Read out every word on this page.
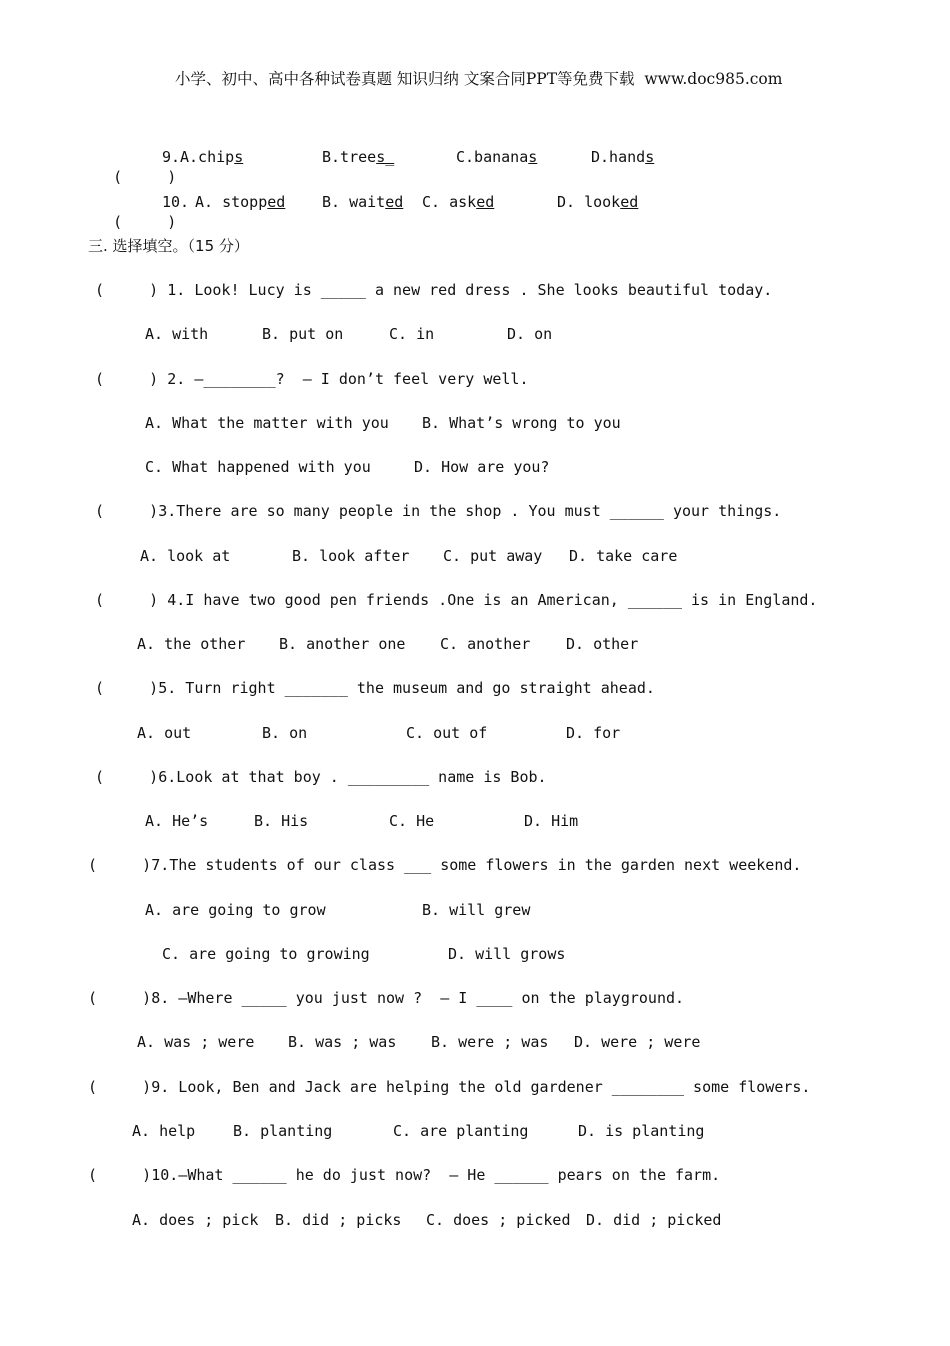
小学、初中、高中各种试卷真题 知识归纳 文案合同PPT等免费下载  www.doc985.com

(     )

9. A.chips	B.trees_	C.bananas	D.hands

(     )

10. A. stopped B. waited C. asked	D. looked
三. 选择填空。（15 分）
(     ) 1. Look! Lucy is _____ a new red dress . She looks beautiful today.
A. with	B. put on	C. in	D. on
(     ) 2. —________?  — I don’t feel very well.
A. What the matter with you B. What’s wrong to you
C. What happened with you	D. How are you?
(     )3.There are so many people in the shop . You must ______ your things.
A. look at	B. look after C. put away D. take care
(     ) 4.I have two good pen friends .One is an American, ______ is in England.
A. the other B. another one C. another D. other
(     )5. Turn right _______ the museum and go straight ahead.
A. out	B. on	C. out of	D. for
(     )6.Look at that boy . _________ name is Bob.
A. He’s	B. His	C. He	D. Him
(     )7.The students of our class ___ some flowers in the garden next weekend.
A. are going to grow	B. will grew
C. are going to growing	D. will grows
(     )8. —Where _____ you just now ?  — I ____ on the playground.
A. was ; were B. was ; was B. were ; was D. were ; were
(     )9. Look, Ben and Jack are helping the old gardener ________ some flowers.
A. help	B. planting	C. are planting	D. is planting
(     )10.—What ______ he do just now?  — He ______ pears on the farm.
A. does ; pick B. did ; picks C. does ; picked D. did ; picked
